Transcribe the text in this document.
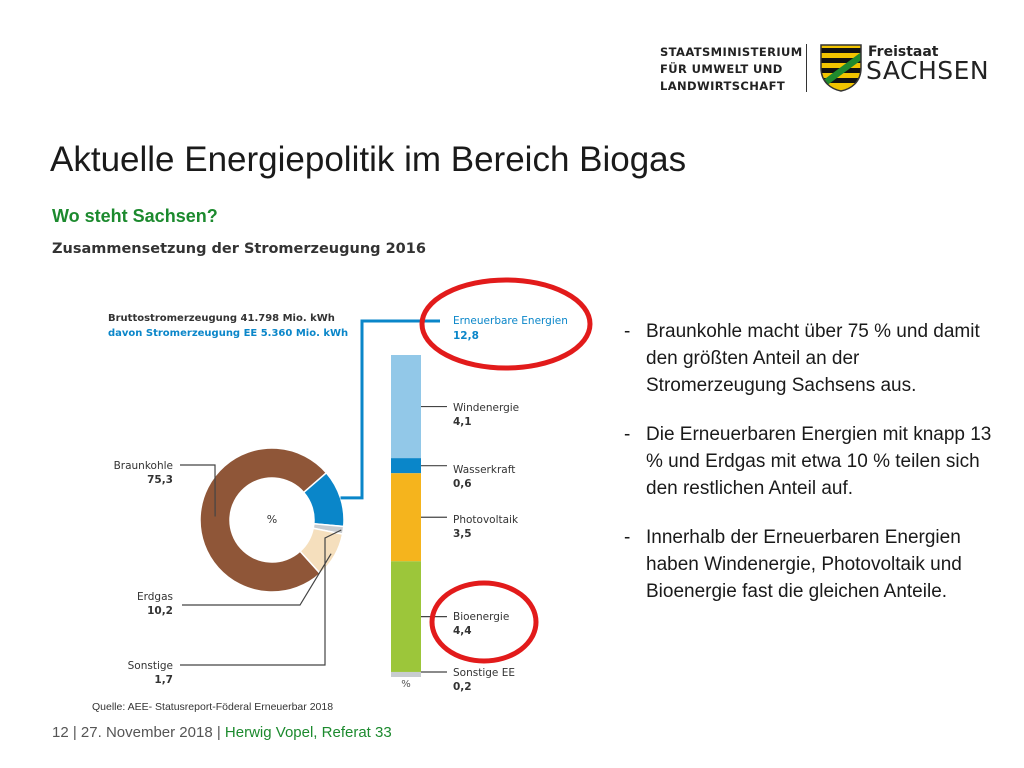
STAATSMINISTERIUM
FÜR UMWELT UND
LANDWIRTSCHAFT
Freistaat
SACHSEN
Aktuelle Energiepolitik im Bereich Biogas
Wo steht Sachsen?
Zusammensetzung der Stromerzeugung 2016
Bruttostromerzeugung 41.798 Mio. kWh
davon Stromerzeugung EE 5.360 Mio. kWh
%
%
Braunkohle
75,3
Erdgas
10,2
Sonstige
1,7
Erneuerbare Energien
12,8
Windenergie
4,1
Wasserkraft
0,6
Photovoltaik
3,5
Bioenergie
4,4
Sonstige EE
0,2
- Braunkohle macht über 75 % und damit den größten Anteil an der Stromerzeugung Sachsens aus.
- Die Erneuerbaren Energien mit knapp 13 % und Erdgas mit etwa 10 % teilen sich den restlichen Anteil auf.
- Innerhalb der Erneuerbaren Energien haben Windenergie, Photovoltaik und Bioenergie fast die gleichen Anteile.
Quelle: AEE- Statusreport-Föderal Erneuerbar 2018
12 | 27. November 2018 | Herwig Vopel, Referat 33
